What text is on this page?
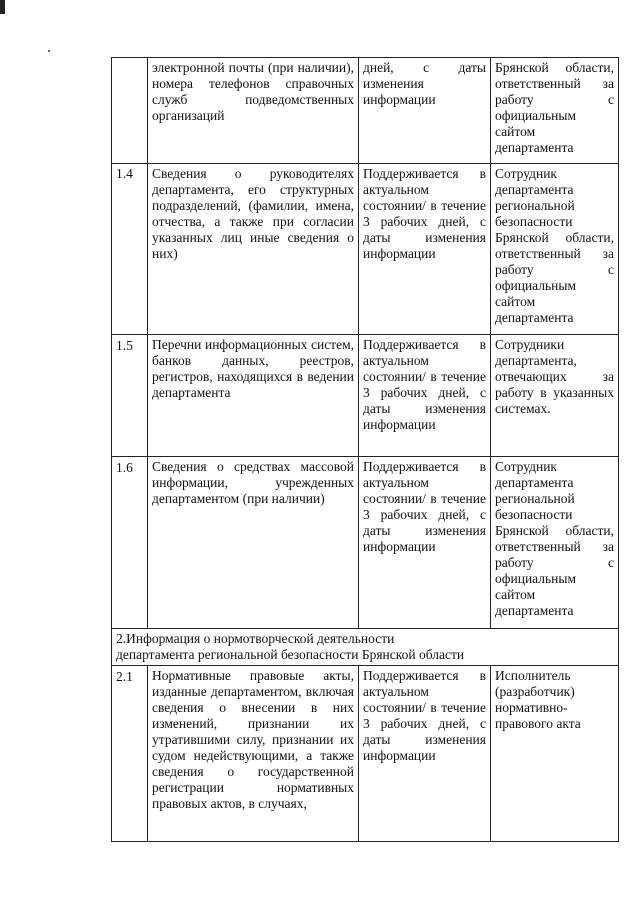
	электронной почты (при наличии), номера телефонов справочных служб подведомственных организаций	дней, с даты изменения информации	Брянской области, ответственный за работу с официальным сайтом департамента
1.4	Сведения о руководителях департамента, его структурных подразделений, (фамилии, имена, отчества, а также при согласии указанных лиц иные сведения о них)	Поддерживается в актуальном состоянии/ в течение 3 рабочих дней, с даты изменения информации	Сотрудник департамента региональной безопасности Брянской области, ответственный за работу с официальным сайтом департамента
1.5	Перечни информационных систем, банков данных, реестров, регистров, находящихся в ведении департамента	Поддерживается в актуальном состоянии/ в течение 3 рабочих дней, с даты изменения информации	Сотрудники департамента, отвечающих за работу в указанных системах.
1.6	Сведения о средствах массовой информации, учрежденных департаментом (при наличии)	Поддерживается в актуальном состоянии/ в течение 3 рабочих дней, с даты изменения информации	Сотрудник департамента региональной безопасности Брянской области, ответственный за работу с официальным сайтом департамента

2.Информация о нормотворческой деятельности
департамента региональной безопасности Брянской области			

2.1	Нормативные правовые акты, изданные департаментом, включая сведения о внесении в них изменений, признании их утратившими силу, признании их судом недействующими, а также сведения о государственной регистрации нормативных правовых актов, в случаях,	Поддерживается в актуальном состоянии/ в течение 3 рабочих дней, с даты изменения информации	Исполнитель (разработчик) нормативно-правового акта
